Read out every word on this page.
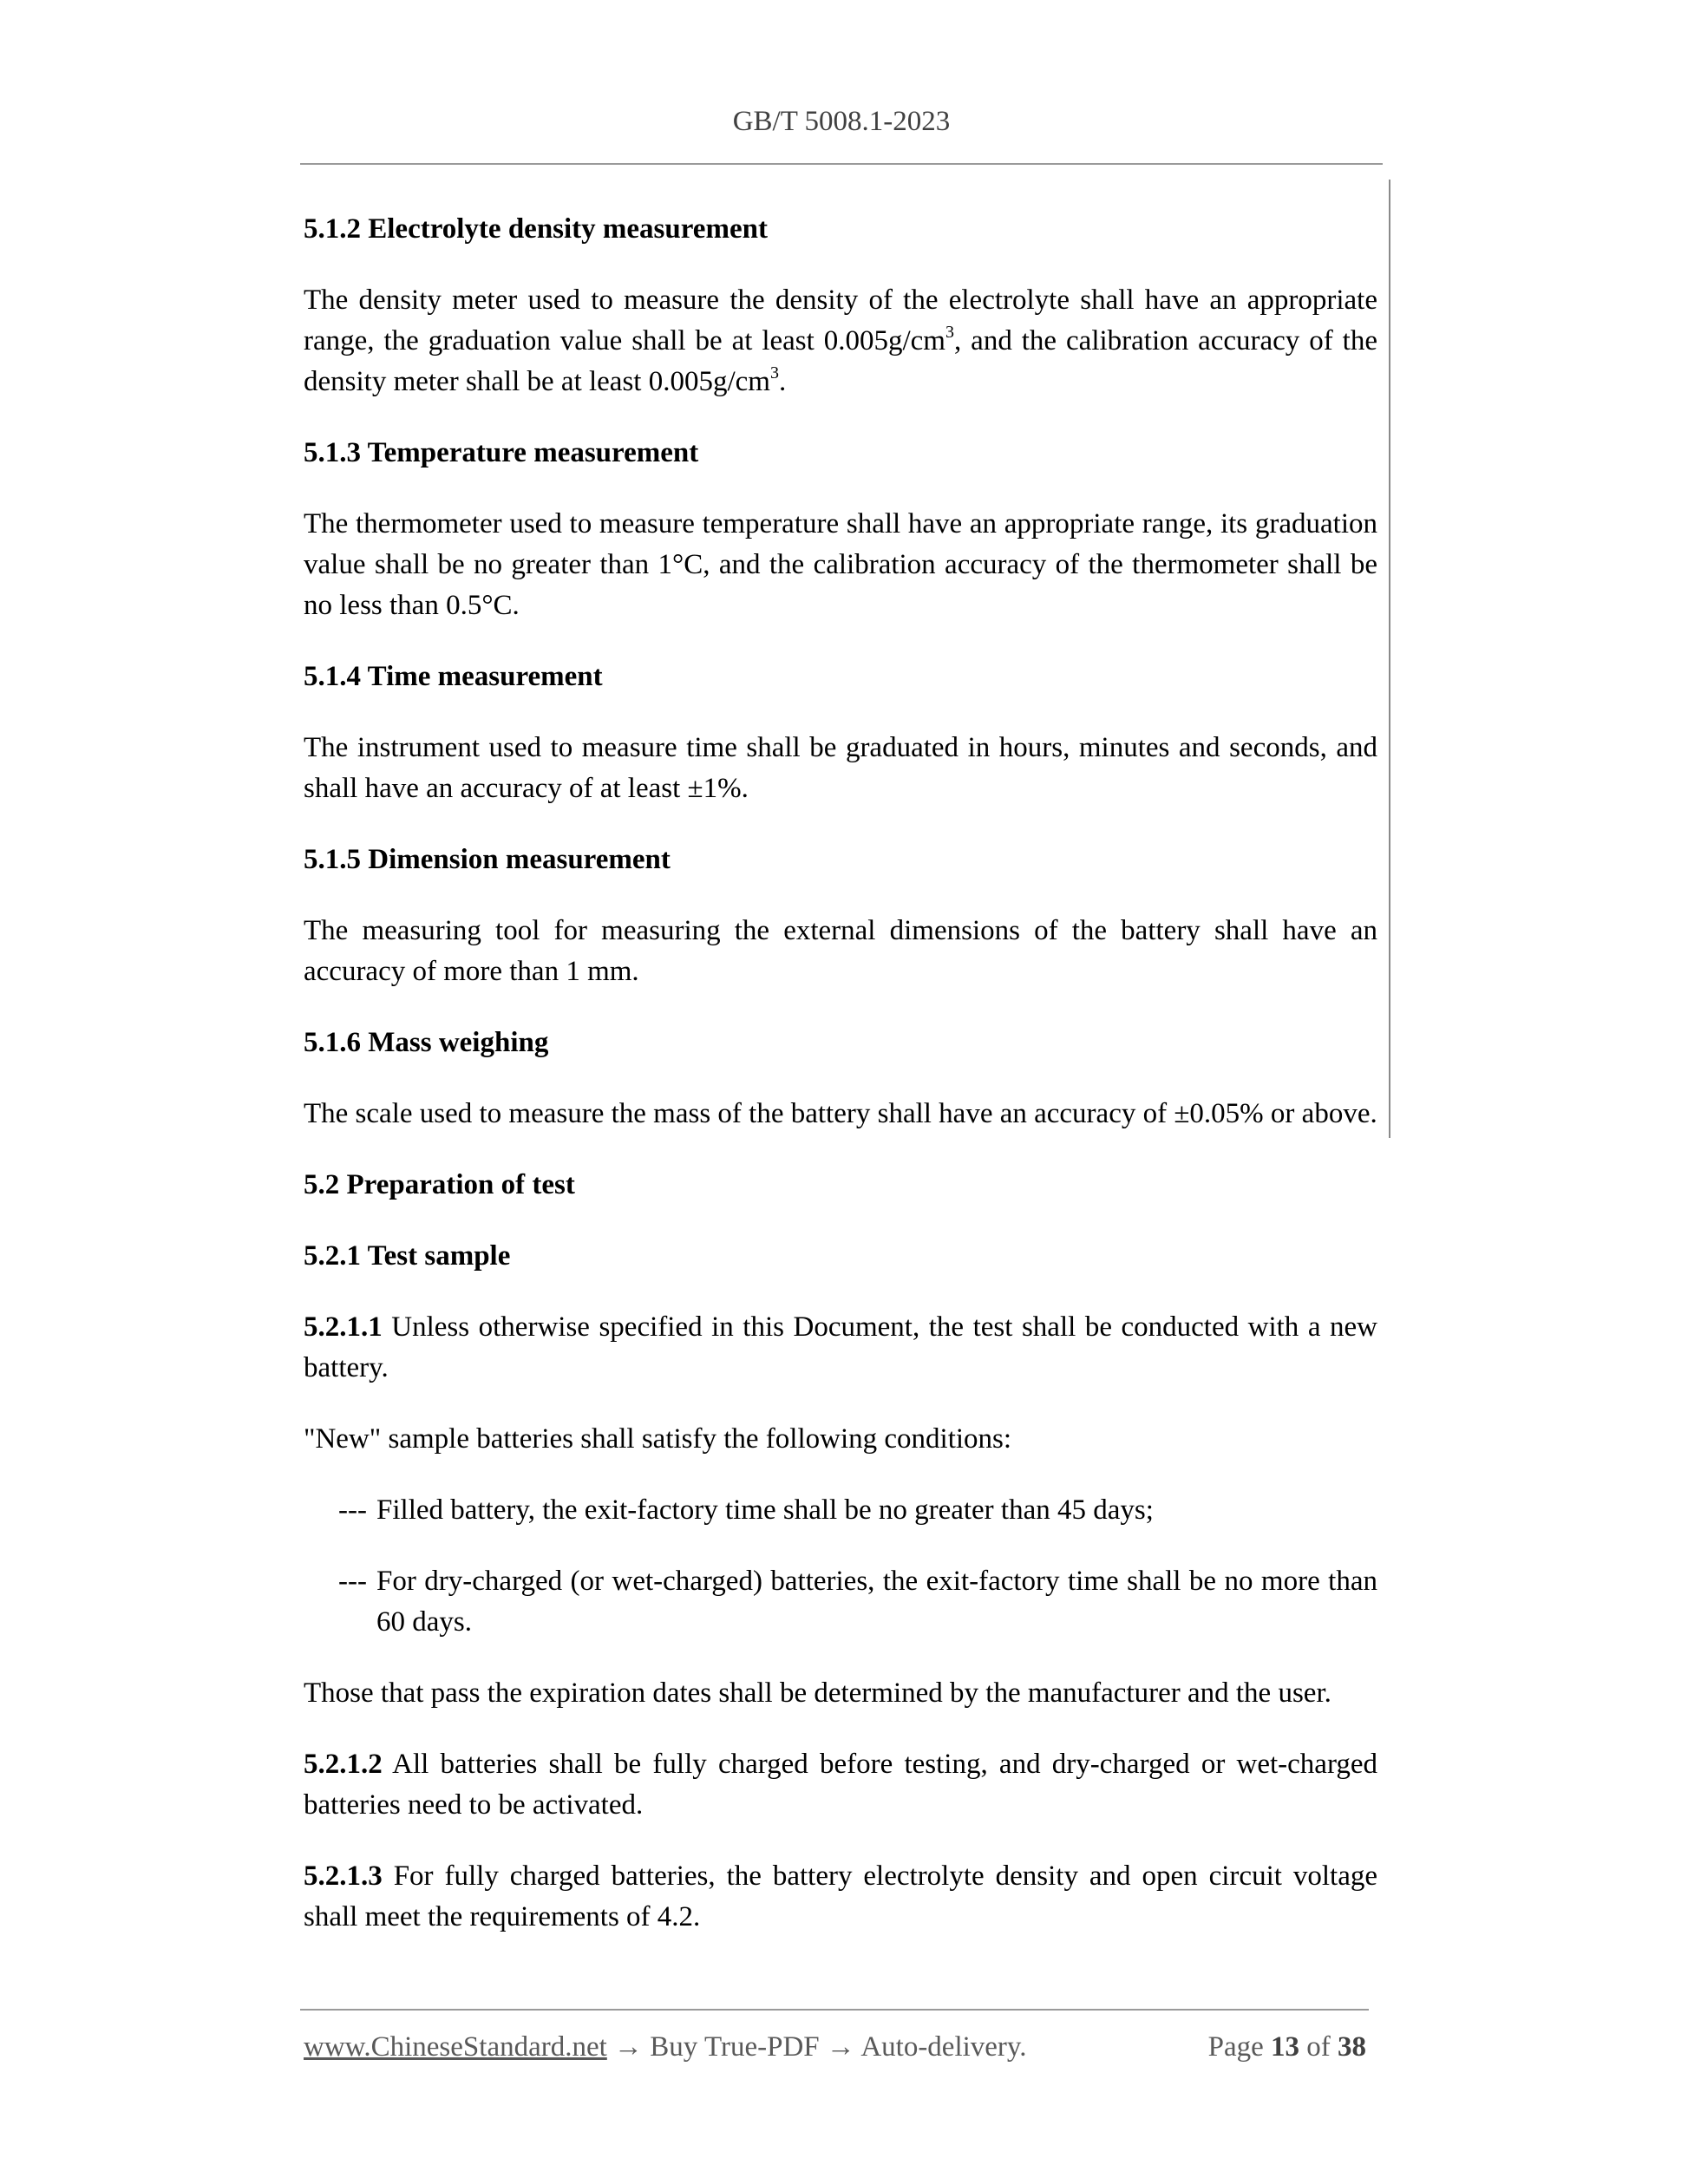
GB/T 5008.1-2023
5.1.2 Electrolyte density measurement
The density meter used to measure the density of the electrolyte shall have an appropriate range, the graduation value shall be at least $0.005g/cm^3$, and the calibration accuracy of the density meter shall be at least $0.005g/cm^3$.
5.1.3 Temperature measurement
The thermometer used to measure temperature shall have an appropriate range, its graduation value shall be no greater than 1°C, and the calibration accuracy of the thermometer shall be no less than 0.5°C.
5.1.4 Time measurement
The instrument used to measure time shall be graduated in hours, minutes and seconds, and shall have an accuracy of at least ±1%.
5.1.5 Dimension measurement
The measuring tool for measuring the external dimensions of the battery shall have an accuracy of more than 1 mm.
5.1.6 Mass weighing
The scale used to measure the mass of the battery shall have an accuracy of ±0.05% or above.
5.2 Preparation of test
5.2.1 Test sample
5.2.1.1 Unless otherwise specified in this Document, the test shall be conducted with a new battery.
"New" sample batteries shall satisfy the following conditions:
--- Filled battery, the exit-factory time shall be no greater than 45 days;
--- For dry-charged (or wet-charged) batteries, the exit-factory time shall be no more than 60 days.
Those that pass the expiration dates shall be determined by the manufacturer and the user.
5.2.1.2 All batteries shall be fully charged before testing, and dry-charged or wet-charged batteries need to be activated.
5.2.1.3 For fully charged batteries, the battery electrolyte density and open circuit voltage shall meet the requirements of 4.2.
www.ChineseStandard.net → Buy True-PDF → Auto-delivery.	Page 13 of 38
